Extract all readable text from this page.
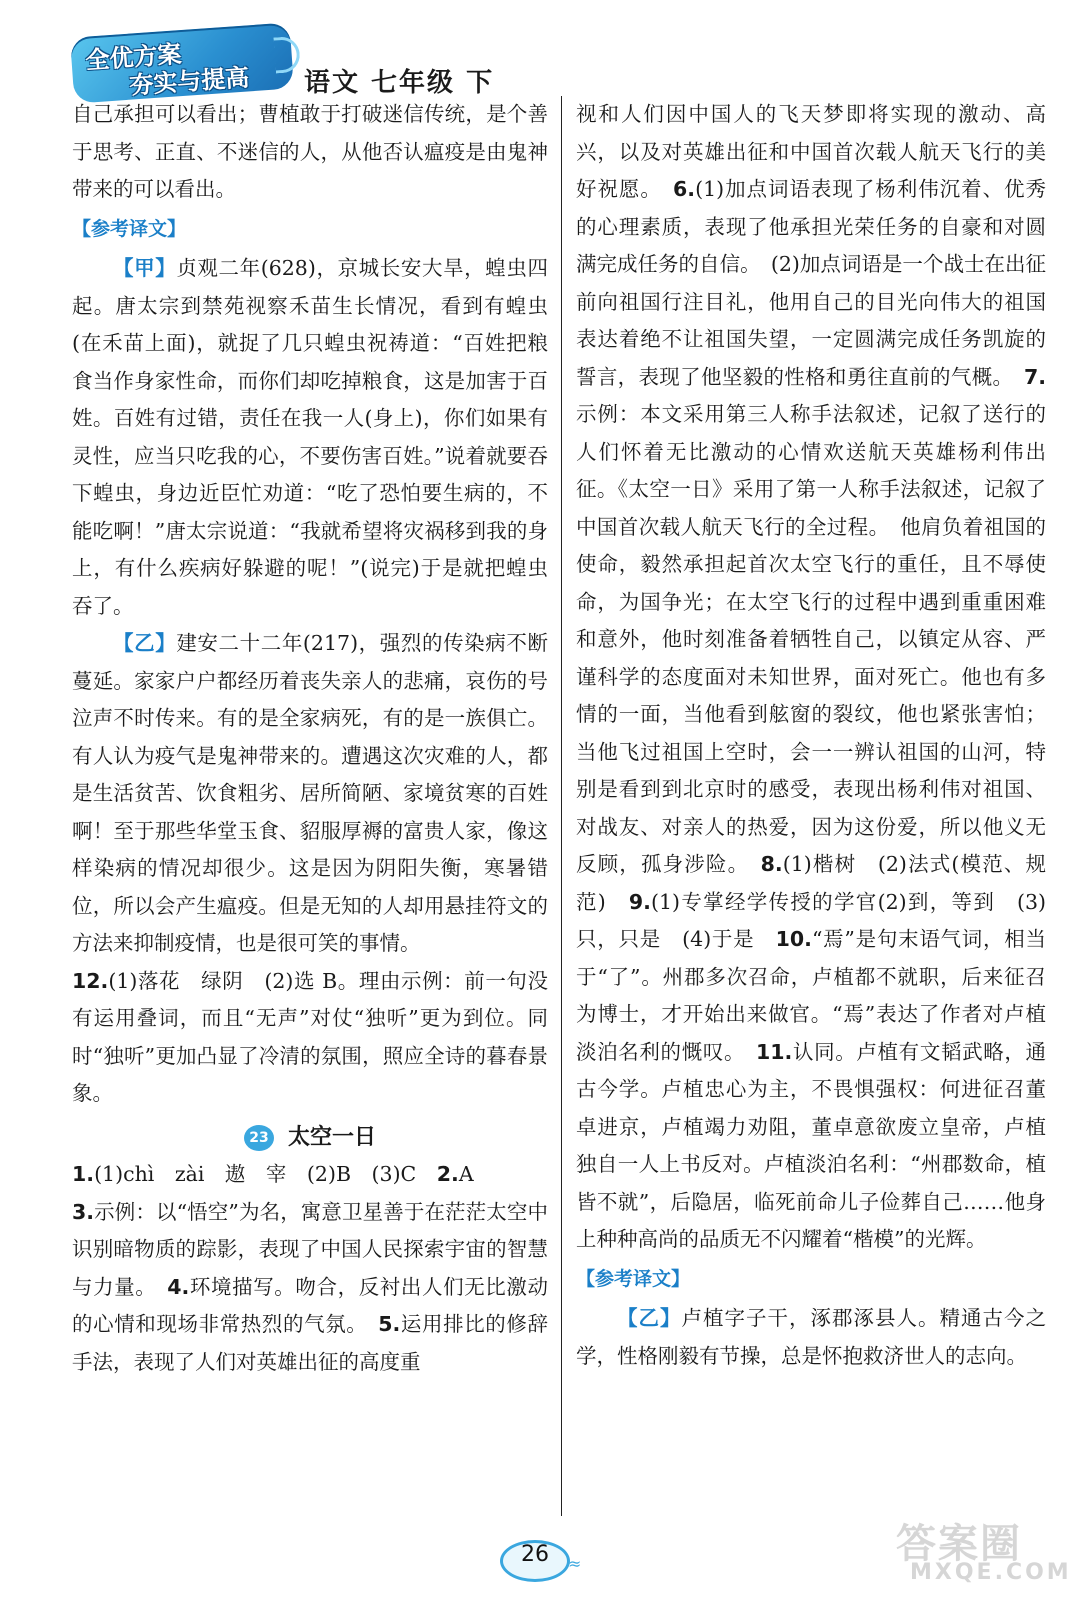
全优方案
夯实与提高 语文 七年级 下

自己承担可以看出；曹植敢于打破迷信传统，是个善于思考、正直、不迷信的人，从他否认瘟疫是由鬼神带来的可以看出。

【参考译文】

【甲】贞观二年(628)，京城长安大旱，蝗虫四起。唐太宗到禁苑视察禾苗生长情况，看到有蝗虫(在禾苗上面)，就捉了几只蝗虫祝祷道：“百姓把粮食当作身家性命，而你们却吃掉粮食，这是加害于百姓。百姓有过错，责任在我一人(身上)，你们如果有灵性，应当只吃我的心，不要伤害百姓。”说着就要吞下蝗虫，身边近臣忙劝道：“吃了恐怕要生病的，不能吃啊！”唐太宗说道：“我就希望将灾祸移到我的身上，有什么疾病好躲避的呢！”(说完)于是就把蝗虫吞了。

【乙】建安二十二年(217)，强烈的传染病不断蔓延。家家户户都经历着丧失亲人的悲痛，哀伤的号泣声不时传来。有的是全家病死，有的是一族俱亡。有人认为疫气是鬼神带来的。遭遇这次灾难的人，都是生活贫苦、饮食粗劣、居所简陋、家境贫寒的百姓啊！至于那些华堂玉食、貂服厚褥的富贵人家，像这样染病的情况却很少。这是因为阴阳失衡，寒暑错位，所以会产生瘟疫。但是无知的人却用悬挂符文的方法来抑制疫情，也是很可笑的事情。

12.(1)落花　绿阴　(2)选 B。理由示例：前一句没有运用叠词，而且“无声”对仗“独听”更为到位。同时“独听”更加凸显了冷清的氛围，照应全诗的暮春景象。

23 太空一日

1.(1)chì　zài　遨　宰　(2)B　(3)C　2.A

3.示例：以“悟空”为名，寓意卫星善于在茫茫太空中识别暗物质的踪影，表现了中国人民探索宇宙的智慧与力量。　4.环境描写。吻合，反衬出人们无比激动的心情和现场非常热烈的气氛。　5.运用排比的修辞手法，表现了人们对英雄出征的高度重

视和人们因中国人的飞天梦即将实现的激动、高兴，以及对英雄出征和中国首次载人航天飞行的美好祝愿。　6.(1)加点词语表现了杨利伟沉着、优秀的心理素质，表现了他承担光荣任务的自豪和对圆满完成任务的自信。　(2)加点词语是一个战士在出征前向祖国行注目礼，他用自己的目光向伟大的祖国表达着绝不让祖国失望，一定圆满完成任务凯旋的誓言，表现了他坚毅的性格和勇往直前的气概。　7.示例：本文采用第三人称手法叙述，记叙了送行的人们怀着无比激动的心情欢送航天英雄杨利伟出征。《太空一日》采用了第一人称手法叙述，记叙了中国首次载人航天飞行的全过程。　他肩负着祖国的使命，毅然承担起首次太空飞行的重任，且不辱使命，为国争光；在太空飞行的过程中遇到重重困难和意外，他时刻准备着牺牲自己，以镇定从容、严谨科学的态度面对未知世界，面对死亡。他也有多情的一面，当他看到舷窗的裂纹，他也紧张害怕；当他飞过祖国上空时，会一一辨认祖国的山河，特别是看到到北京时的感受，表现出杨利伟对祖国、对战友、对亲人的热爱，因为这份爱，所以他义无反顾，孤身涉险。　8.(1)楷树　(2)法式(模范、规范)　9.(1)专掌经学传授的学官(2)到，等到　(3)只，只是　(4)于是　10.“焉”是句末语气词，相当于“了”。州郡多次召命，卢植都不就职，后来征召为博士，才开始出来做官。“焉”表达了作者对卢植淡泊名利的慨叹。　11.认同。卢植有文韬武略，通古今学。卢植忠心为主，不畏惧强权：何进征召董卓进京，卢植竭力劝阻，董卓意欲废立皇帝，卢植独自一人上书反对。卢植淡泊名利：“州郡数命，植皆不就”，后隐居，临死前命儿子俭葬自己……他身上种种高尚的品质无不闪耀着“楷模”的光辉。

【参考译文】

【乙】卢植字子干，涿郡涿县人。精通古今之学，性格刚毅有节操，总是怀抱救济世人的志向。

26	≈	答案圈
MXQE.COM
